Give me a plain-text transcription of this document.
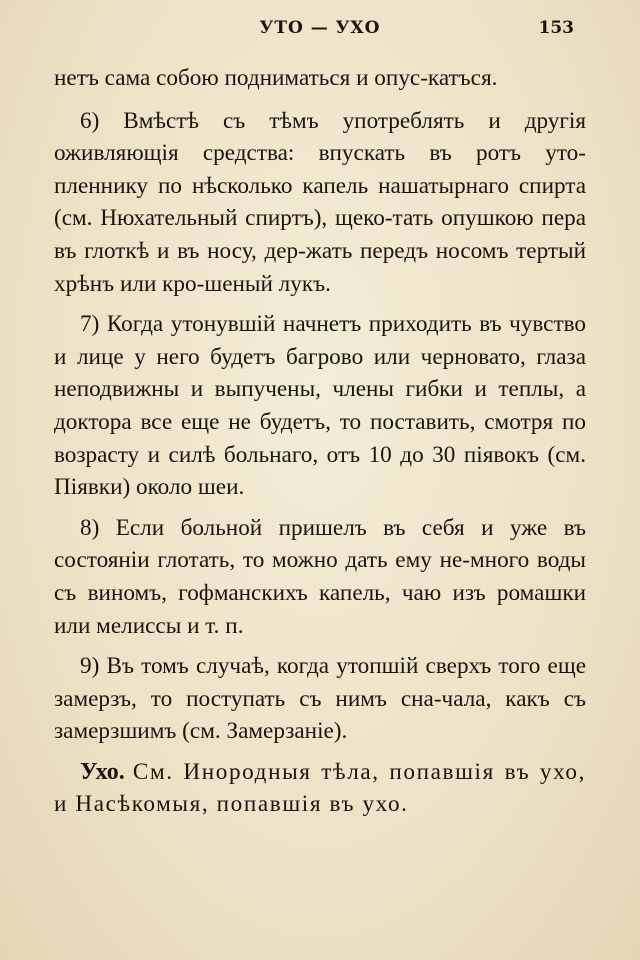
УТО — УХО	153

нетъ сама собою подниматься и опус-катъся.

6) Вмѣстѣ съ тѣмъ употреблять и другія оживляющія средства: впускать въ ротъ уто-пленнику по нѣсколько капель нашатырнаго спирта (см. Нюхательный спиртъ), щеко-тать опушкою пера въ глоткѣ и въ носу, дер-жать передъ носомъ тертый хрѣнъ или кро-шеный лукъ.

7) Когда утонувшій начнетъ приходить въ чувство и лице у него будетъ багрово или черновато, глаза неподвижны и выпучены, члены гибки и теплы, а доктора все еще не будетъ, то поставить, смотря по возрасту и силѣ больнаго, отъ 10 до 30 піявокъ (см. Піявки) около шеи.

8) Если больной пришелъ въ себя и уже въ состояніи глотать, то можно дать ему не-много воды съ виномъ, гофманскихъ капель, чаю изъ ромашки или мелиссы и т. п.

9) Въ томъ случаѣ, когда утопшій сверхъ того еще замерзъ, то поступать съ нимъ сна-чала, какъ съ замерзшимъ (см. Замерзаніе).

Ухо. См. Инородныя тѣла, попавшія въ ухо, и Насѣкомыя, попавшія въ ухо.
